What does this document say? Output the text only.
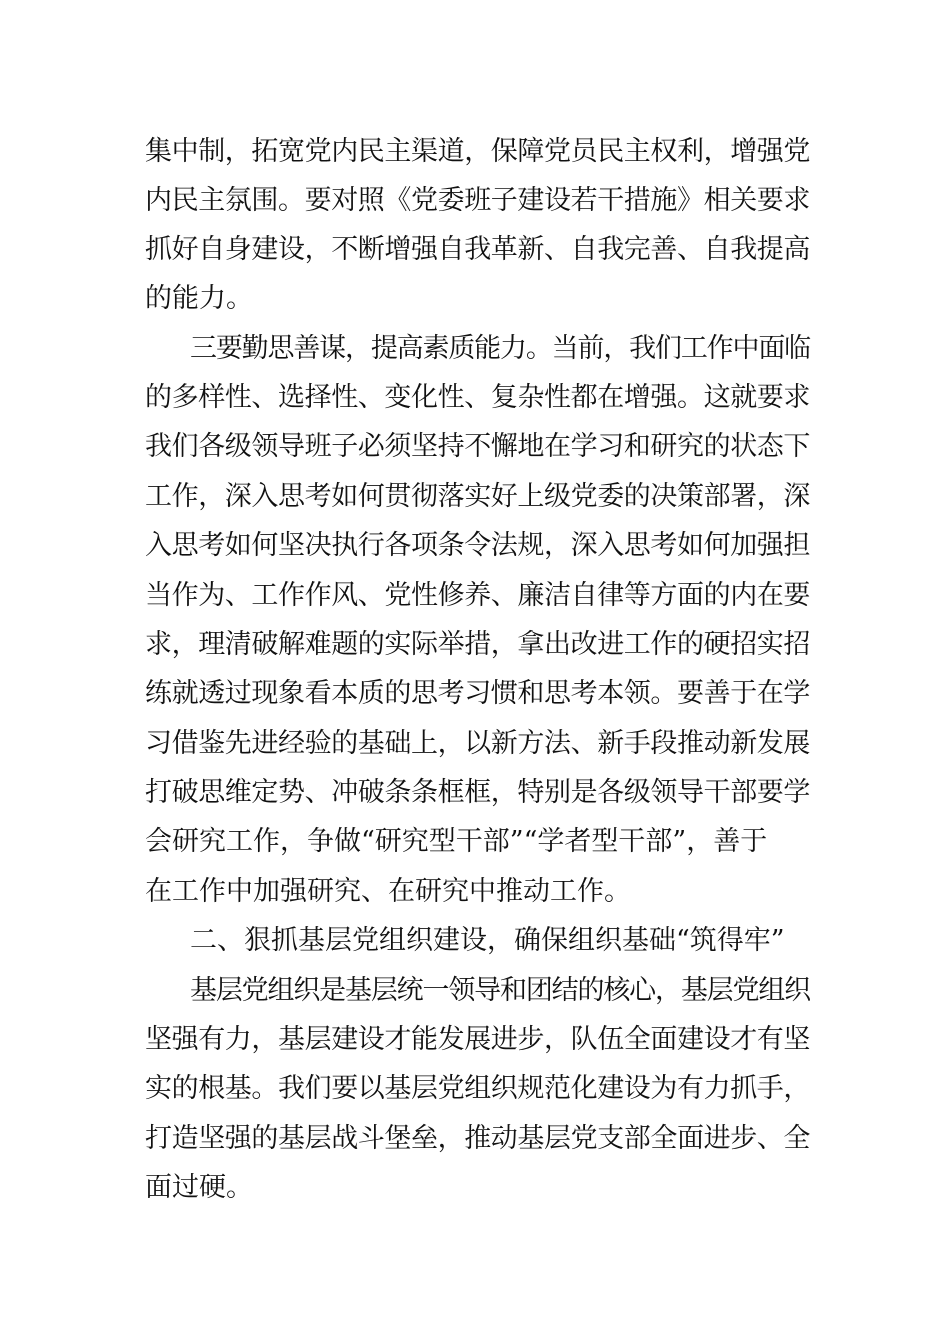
集中制，拓宽党内民主渠道，保障党员民主权利，增强党
内民主氛围。要对照《党委班子建设若干措施》相关要求
抓好自身建设，不断增强自我革新、自我完善、自我提高
的能力。
三要勤思善谋，提高素质能力。当前，我们工作中面临
的多样性、选择性、变化性、复杂性都在增强。这就要求
我们各级领导班子必须坚持不懈地在学习和研究的状态下
工作，深入思考如何贯彻落实好上级党委的决策部署，深
入思考如何坚决执行各项条令法规，深入思考如何加强担
当作为、工作作风、党性修养、廉洁自律等方面的内在要
求，理清破解难题的实际举措，拿出改进工作的硬招实招
练就透过现象看本质的思考习惯和思考本领。要善于在学
习借鉴先进经验的基础上，以新方法、新手段推动新发展
打破思维定势、冲破条条框框，特别是各级领导干部要学
会研究工作，争做“研究型干部”“学者型干部”，善于
在工作中加强研究、在研究中推动工作。
二、狠抓基层党组织建设，确保组织基础“筑得牢”
基层党组织是基层统一领导和团结的核心，基层党组织
坚强有力，基层建设才能发展进步，队伍全面建设才有坚
实的根基。我们要以基层党组织规范化建设为有力抓手，
打造坚强的基层战斗堡垒，推动基层党支部全面进步、全
面过硬。
